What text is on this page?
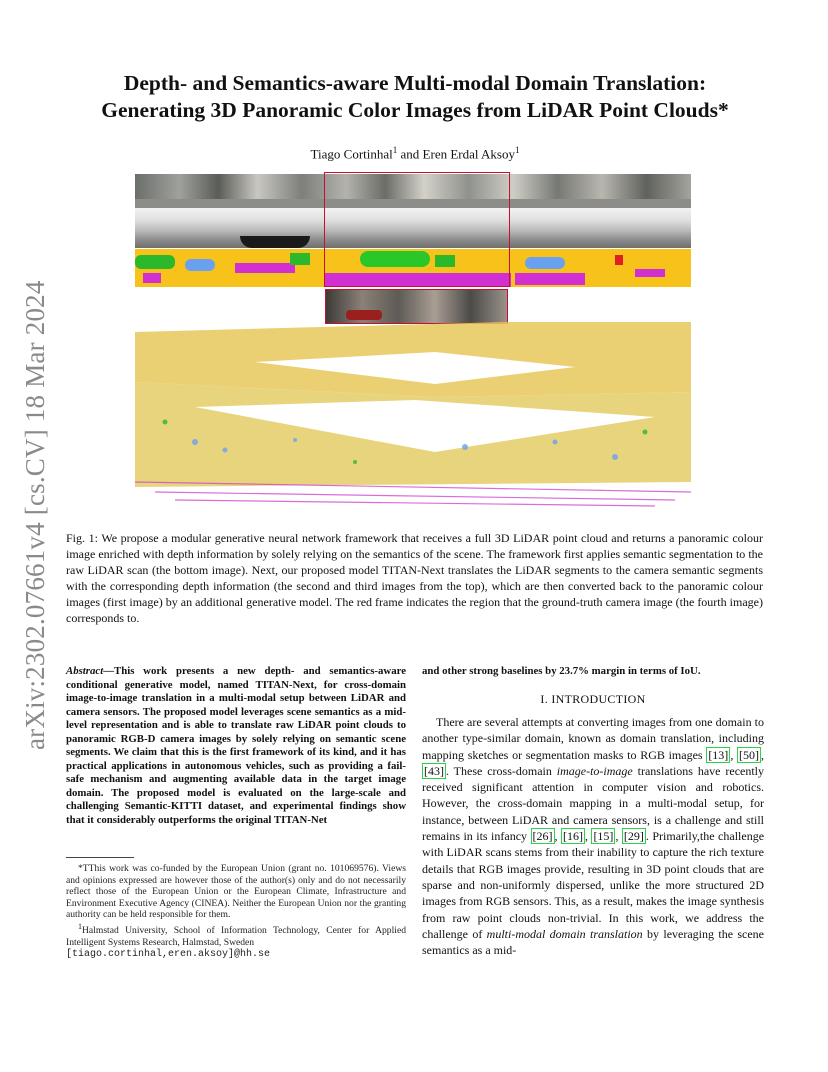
arXiv:2302.07661v4 [cs.CV] 18 Mar 2024
Depth- and Semantics-aware Multi-modal Domain Translation:
Generating 3D Panoramic Color Images from LiDAR Point Clouds*
Tiago Cortinhal$^1$ and Eren Erdal Aksoy$^1$
Fig. 1: We propose a modular generative neural network framework that receives a full 3D LiDAR point cloud and returns a panoramic colour image enriched with depth information by solely relying on the semantics of the scene. The framework first applies semantic segmentation to the raw LiDAR scan (the bottom image). Next, our proposed model TITAN-Next translates the LiDAR segments to the camera semantic segments with the corresponding depth information (the second and third images from the top), which are then converted back to the panoramic colour images (first image) by an additional generative model. The red frame indicates the region that the ground-truth camera image (the fourth image) corresponds to.
Abstract—This work presents a new depth- and semantics-aware conditional generative model, named TITAN-Next, for cross-domain image-to-image translation in a multi-modal setup between LiDAR and camera sensors. The proposed model leverages scene semantics as a mid-level representation and is able to translate raw LiDAR point clouds to panoramic RGB-D camera images by solely relying on semantic scene segments. We claim that this is the first framework of its kind, and it has practical applications in autonomous vehicles, such as providing a fail-safe mechanism and augmenting available data in the target image domain. The proposed model is evaluated on the large-scale and challenging Semantic-KITTI dataset, and experimental findings show that it considerably outperforms the original TITAN-Net

*TThis work was co-funded by the European Union (grant no. 101069576). Views and opinions expressed are however those of the author(s) only and do not necessarily reflect those of the European Union or the European Climate, Infrastructure and Environment Executive Agency (CINEA). Neither the European Union nor the granting authority can be held responsible for them.

$^1$Halmstad University, School of Information Technology, Center for Applied Intelligent Systems Research, Halmstad, Sweden

[tiago.cortinhal,eren.aksoy]@hh.se

and other strong baselines by 23.7% margin in terms of IoU.
I. INTRODUCTION
There are several attempts at converting images from one domain to another type-similar domain, known as domain translation, including mapping sketches or segmentation masks to RGB images [13] , [50] , [43] . These cross-domain image-to-image translations have recently received significant attention in computer vision and robotics. However, the cross-domain mapping in a multi-modal setup, for instance, between LiDAR and camera sensors, is a challenge and still remains in its infancy [26] , [16] , [15] , [29] . Primarily,the challenge with LiDAR scans stems from their inability to capture the rich texture details that RGB images provide, resulting in 3D point clouds that are sparse and non-uniformly dispersed, unlike the more structured 2D images from RGB sensors. This, as a result, makes the image synthesis from raw point clouds non-trivial. In this work, we address the challenge of multi-modal domain translation by leveraging the scene semantics as a mid-
